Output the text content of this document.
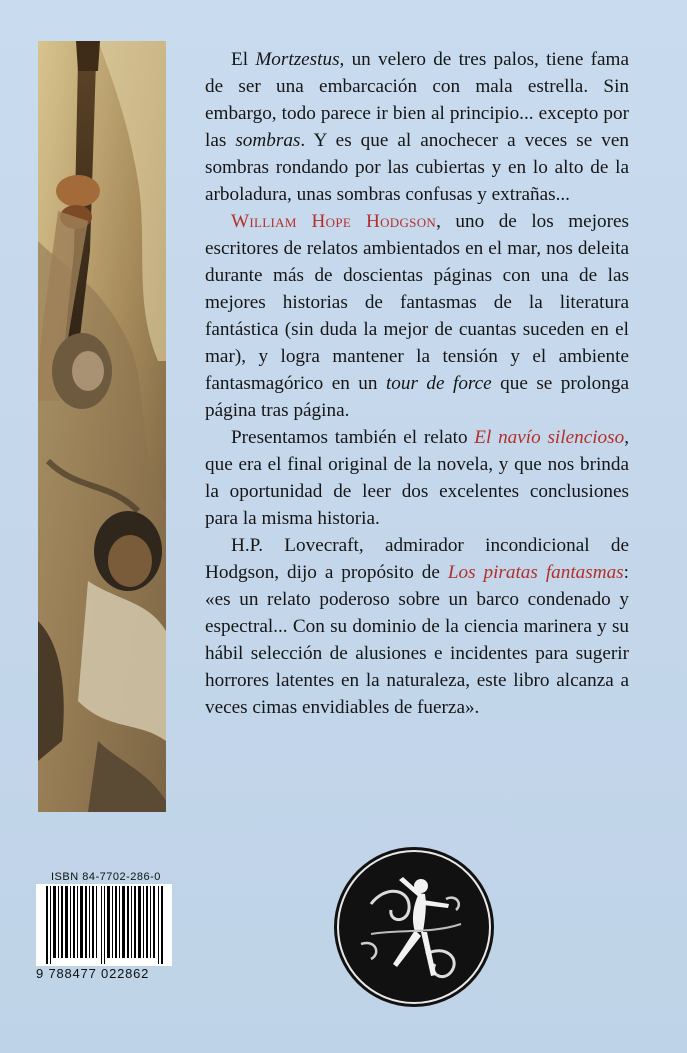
El Mortzestus, un velero de tres palos, tiene fama de ser una embarcación con mala estrella. Sin embargo, todo parece ir bien al principio... excepto por las sombras. Y es que al anochecer a veces se ven sombras rondando por las cubiertas y en lo alto de la arboladura, unas sombras confusas y extrañas...

William Hope Hodgson, uno de los mejores escritores de relatos ambientados en el mar, nos deleita durante más de doscientas páginas con una de las mejores historias de fantasmas de la literatura fantástica (sin duda la mejor de cuantas suceden en el mar), y logra mantener la tensión y el ambiente fantasmagórico en un tour de force que se prolonga página tras página.

Presentamos también el relato El navío silencioso, que era el final original de la novela, y que nos brinda la oportunidad de leer dos excelentes conclusiones para la misma historia.

H.P. Lovecraft, admirador incondicional de Hodgson, dijo a propósito de Los piratas fantasmas: «es un relato poderoso sobre un barco condenado y espectral... Con su dominio de la ciencia marinera y su hábil selección de alusiones e incidentes para sugerir horrores latentes en la naturaleza, este libro alcanza a veces cimas envidiables de fuerza».

ISBN 84-7702-286-0
9 788477 022862
